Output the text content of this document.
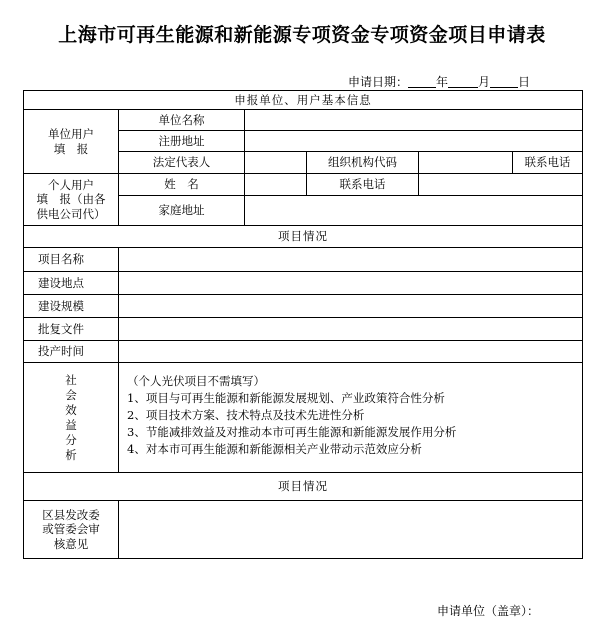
上海市可再生能源和新能源专项资金专项资金项目申请表
申请日期： 年	月 日
申报单位、用户基本信息					

单位用户
填　报	单位名称				
	注册地址				
	法定代表人		组织机构代码		联系电话

个人用户
填　报（由各
供电公司代）	姓　名		联系电话		
	家庭地址				
项目情况					
项目名称					
建设地点					
建设规模					
批复文件					
投产时间					
社会效益分析	（个人光伏项目不需填写）
1、项目与可再生能源和新能源发展规划、产业政策符合性分析
2、项目技术方案、技术特点及技术先进性分析
3、节能减排效益及对推动本市可再生能源和新能源发展作用分析
4、对本市可再生能源和新能源相关产业带动示范效应分析				

项目情况					

区县发改委
或管委会审
核意见					

申请单位（盖章）：
